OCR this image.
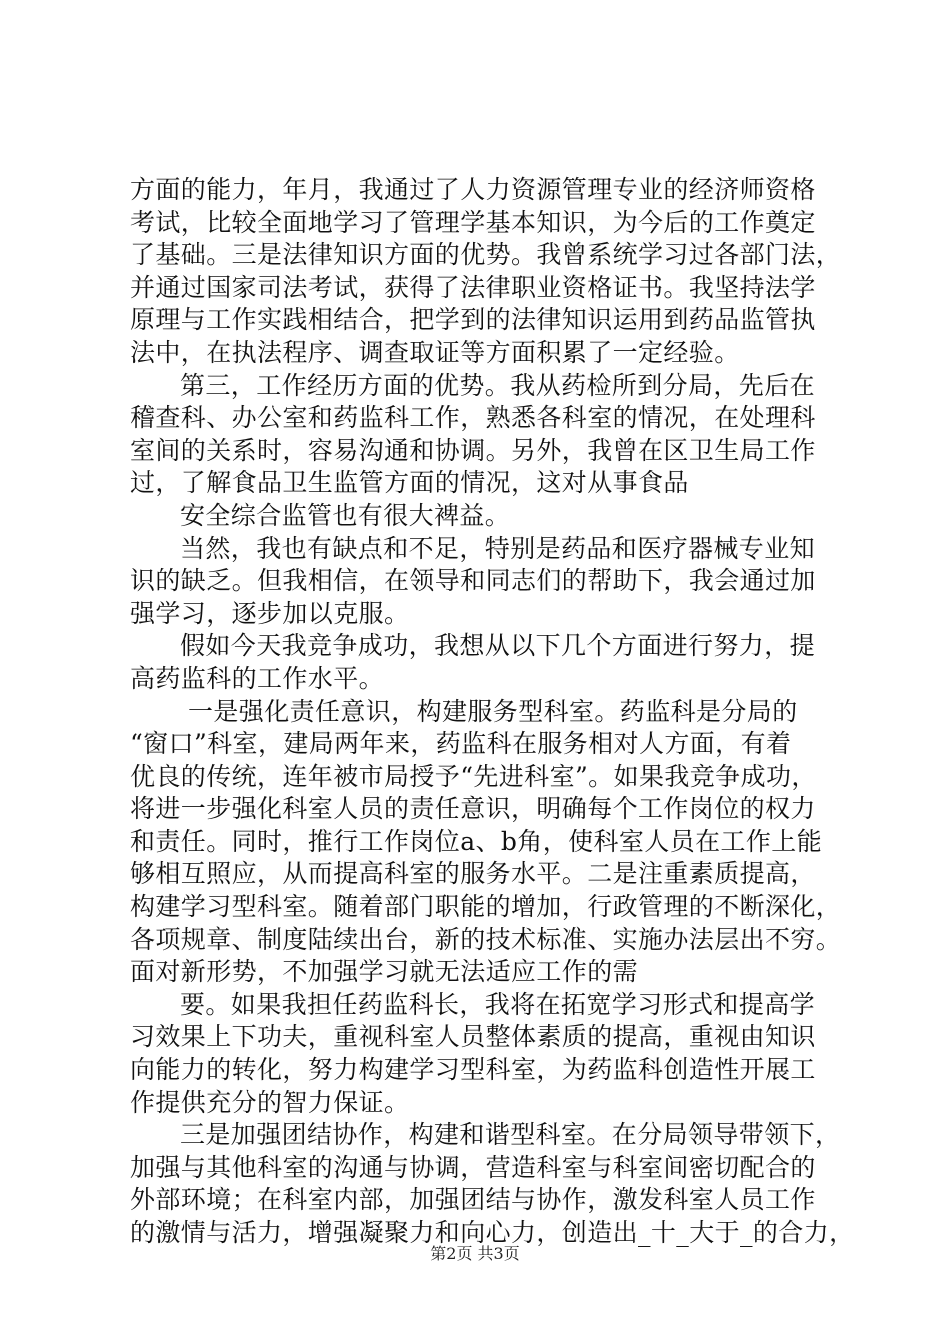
方面的能力，年月，我通过了人力资源管理专业的经济师资格
考试，比较全面地学习了管理学基本知识，为今后的工作奠定
了基础。三是法律知识方面的优势。我曾系统学习过各部门法，
并通过国家司法考试，获得了法律职业资格证书。我坚持法学
原理与工作实践相结合，把学到的法律知识运用到药品监管执
法中，在执法程序、调查取证等方面积累了一定经验。
第三，工作经历方面的优势。我从药检所到分局，先后在
稽查科、办公室和药监科工作，熟悉各科室的情况，在处理科
室间的关系时，容易沟通和协调。另外，我曾在区卫生局工作
过，了解食品卫生监管方面的情况，这对从事食品
安全综合监管也有很大裨益。
当然，我也有缺点和不足，特别是药品和医疗器械专业知
识的缺乏。但我相信，在领导和同志们的帮助下，我会通过加
强学习，逐步加以克服。
假如今天我竞争成功，我想从以下几个方面进行努力，提
高药监科的工作水平。
一是强化责任意识，构建服务型科室。药监科是分局的
“窗口”科室，建局两年来，药监科在服务相对人方面，有着
优良的传统，连年被市局授予“先进科室”。如果我竞争成功，
将进一步强化科室人员的责任意识，明确每个工作岗位的权力
和责任。同时，推行工作岗位a、b角，使科室人员在工作上能
够相互照应，从而提高科室的服务水平。二是注重素质提高，
构建学习型科室。随着部门职能的增加，行政管理的不断深化，
各项规章、制度陆续出台，新的技术标准、实施办法层出不穷。
面对新形势，不加强学习就无法适应工作的需
要。如果我担任药监科长，我将在拓宽学习形式和提高学
习效果上下功夫，重视科室人员整体素质的提高，重视由知识
向能力的转化，努力构建学习型科室，为药监科创造性开展工
作提供充分的智力保证。
三是加强团结协作，构建和谐型科室。在分局领导带领下，
加强与其他科室的沟通与协调，营造科室与科室间密切配合的
外部环境；在科室内部，加强团结与协作，激发科室人员工作
的激情与活力，增强凝聚力和向心力，创造出_十_大于_的合力，
第2页 共3页
